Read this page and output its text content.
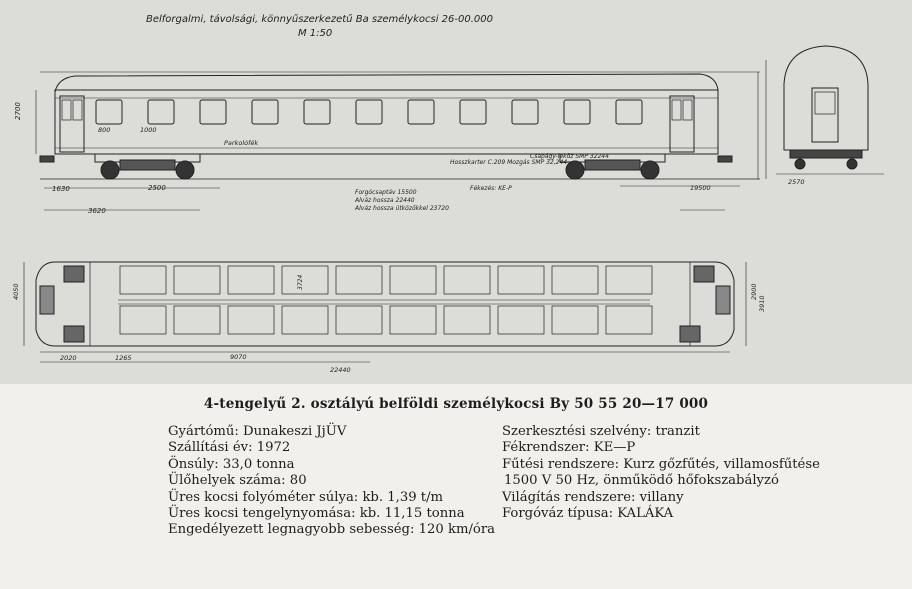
Belforgalmi, távolsági, könnyűszerkezetű Ba személykocsi 26-00.000
M 1:50
2700
2500
1630
3620
800	1000
Parkolófék
Forgócsaptáv 15500
Alváz hossza 22440
Alváz hossza ütközőkkel 23720
Hosszkarter C.209 Mozgás SMP 32,244
Csapágy-leköz SMP 32244
Fékezés: KE-P
2020	1265	9070
22440
4050	2900
3724
3910
2570
19500
4-tengelyű 2. osztályú belföldi személykocsi By 50 55 20—17 000
Gyártómű: Dunakeszi JjÜV
Szállítási év: 1972
Önsúly: 33,0 tonna
Ülőhelyek száma: 80
Üres kocsi folyóméter súlya: kb. 1,39 t/m
Üres kocsi tengelynyomása: kb. 11,15 tonna
Engedélyezett legnagyobb sebesség: 120 km/óra
Szerkesztési szelvény: tranzit
Fékrendszer: KE—P
Fűtési rendszere: Kurz gőzfűtés, villamosfűtése
1500 V 50 Hz, önműködő hőfokszabályzó
Világítás rendszere: villany
Forgóváz típusa: KALÁKA
